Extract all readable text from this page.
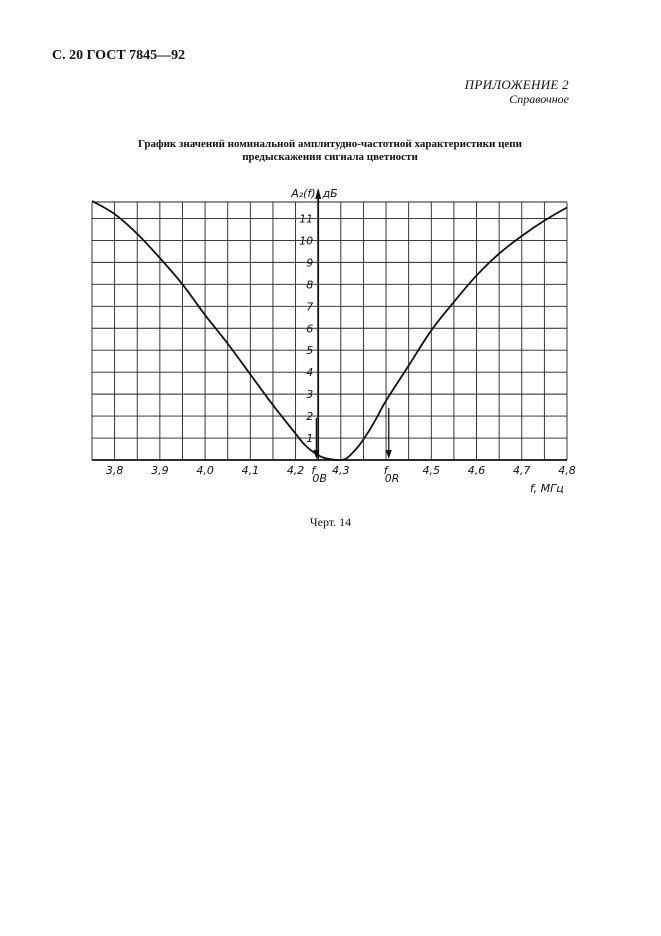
С. 20 ГОСТ 7845—92
ПРИЛОЖЕНИЕ 2
Справочное
График значений номинальной амплитудно-частотной характеристики цепи
предыскажения сигнала цветности
A₂(f), дБ
f, МГц
3,8	3,9	4,0	4,1	4,2	4,3	4,5	4,6	4,7	4,8
1
2
3
4
5
6
7
8
9
10
11
f
0В
f
0R
Черт. 14
